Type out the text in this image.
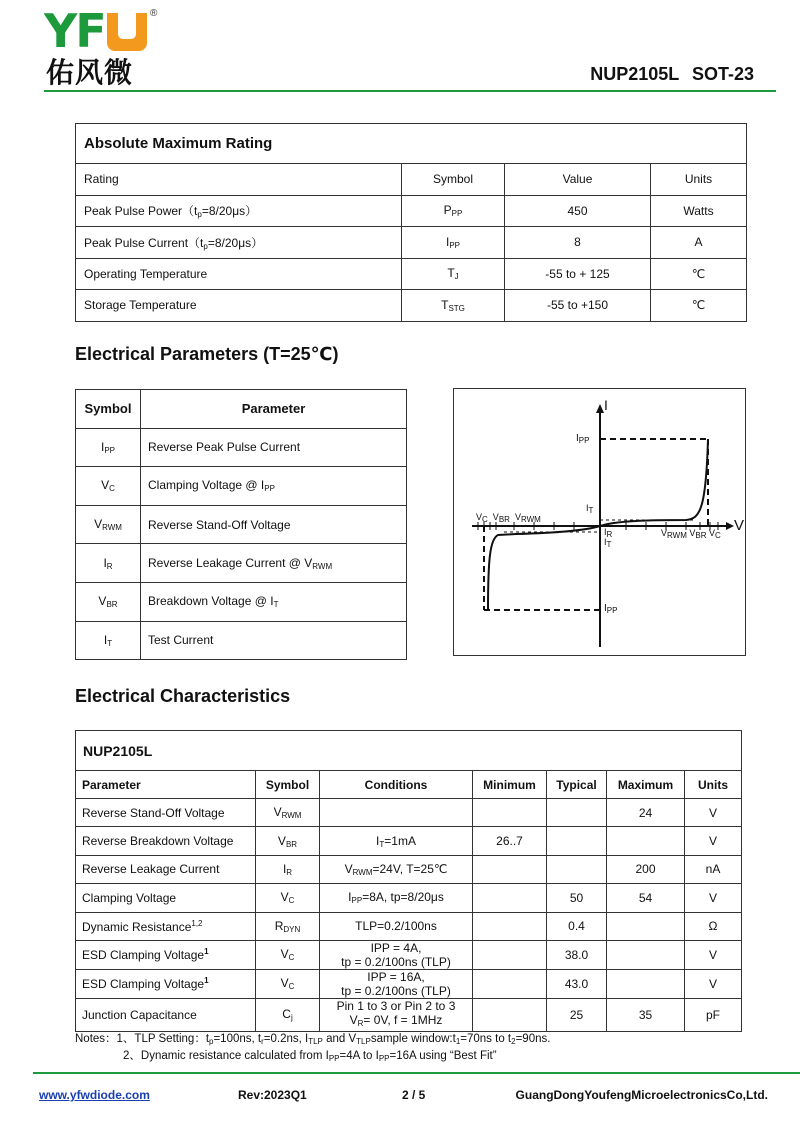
YF	®
佑风微	NUP2105L SOT-23
Absolute Maximum Rating			
Rating	Symbol	Value	Units
Peak Pulse $Power(t_p=8/20\mu s)$	$P_{PP}$	450	Watts
Peak Pulse $Current(t_p=8/20\mu s)$	$I_{PP}$	8	A
Operating Temperature	$T_J$	-55 to + 125	℃
Storage Temperature	$T_{STG}$	-55 to +150	℃
Electrical Parameters (T=25℃)
Symbol	Parameter
$I_{PP}$	Reverse Peak Pulse Current
$V_C$	Clamping Voltage @ $I_{PP}$
$V_{RWM}$	Reverse Stand-Off Voltage
$I_R$	Reverse Leakage Current @ $V_{RWM}$
$V_{BR}$	Breakdown Voltage @ $I_T$
$I_T$	Test Current
I
V
$I_{PP}$
$I_T$
$I_R$
$I_T$
$I_{PP}$
$V_C$  $V_{BR}$  $V_{RWM}$
$V_{RWM}$ $V_{BR}$ $V_C$
Electrical Characteristics
NUP2105L						
Parameter	Symbol	Conditions	Minimum	Typical	Maximum	Units
Reverse Stand-Off Voltage	$V_{RWM}$				24	V
Reverse Breakdown Voltage	$V_{BR}$	$I_T=1mA$	26..7			V
Reverse Leakage Current	$I_R$	$V_{RWM}=24V$, T=25℃			200	nA
Clamping Voltage	$V_C$	$I_{PP}=8A$, tp=8/20μs		50	54	V
Dynamic Resistance$^{1,2}$	$R_{DYN}$	TLP=0.2/100ns		0.4		Ω
ESD Clamping Voltage$^1$	$V_C$	IPP = 4A,
tp = 0.2/100ns (TLP)		38.0		V
ESD Clamping Voltage$^1$	$V_C$	IPP = 16A,
tp = 0.2/100ns (TLP)		43.0		V
Junction Capacitance	$C_j$	Pin 1 to 3 or Pin 2 to 3
$V_R= 0V$, f = 1MHz		25	35	pF
Notes：1、TLP Setting：$t_p=100ns$, $t_r=0.2ns$, $I_{TLP}$ and $V_{TLP}sample$ $window:t_1=70ns$ to $t_2=90ns$.
2、Dynamic resistance calculated from $I_{PP}=4A$ to $I_{PP}=16A$ using “Best Fit”
www.yfwdiode.com	Rev:2023Q1	2 / 5	GuangDongYoufengMicroelectronicsCo,Ltd.
